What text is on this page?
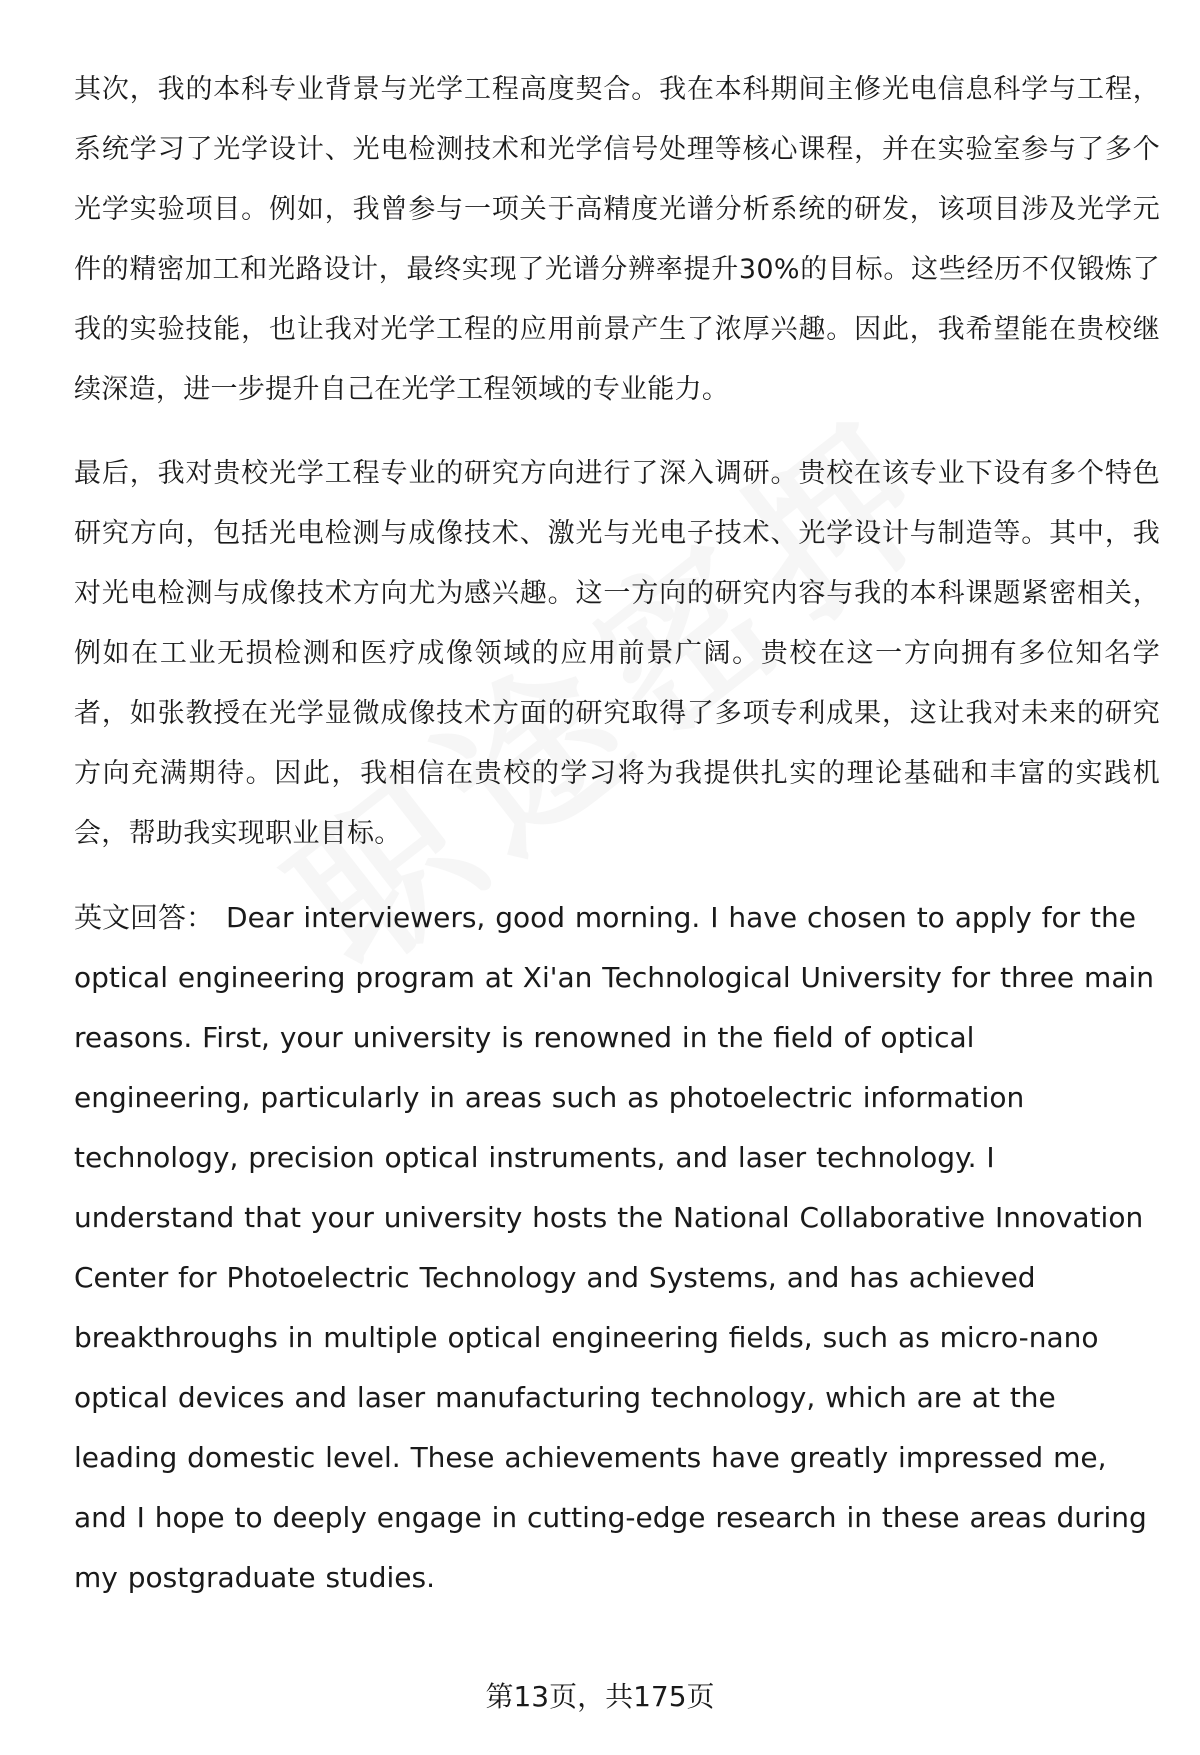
其次，我的本科专业背景与光学工程高度契合。我在本科期间主修光电信息科学与工程，系统学习了光学设计、光电检测技术和光学信号处理等核心课程，并在实验室参与了多个光学实验项目。例如，我曾参与一项关于高精度光谱分析系统的研发，该项目涉及光学元件的精密加工和光路设计，最终实现了光谱分辨率提升30%的目标。这些经历不仅锻炼了我的实验技能，也让我对光学工程的应用前景产生了浓厚兴趣。因此，我希望能在贵校继续深造，进一步提升自己在光学工程领域的专业能力。

最后，我对贵校光学工程专业的研究方向进行了深入调研。贵校在该专业下设有多个特色研究方向，包括光电检测与成像技术、激光与光电子技术、光学设计与制造等。其中，我对光电检测与成像技术方向尤为感兴趣。这一方向的研究内容与我的本科课题紧密相关，例如在工业无损检测和医疗成像领域的应用前景广阔。贵校在这一方向拥有多位知名学者，如张教授在光学显微成像技术方面的研究取得了多项专利成果，这让我对未来的研究方向充满期待。因此，我相信在贵校的学习将为我提供扎实的理论基础和丰富的实践机会，帮助我实现职业目标。

英文回答： Dear interviewers, good morning. I have chosen to apply for the optical engineering program at Xi'an Technological University for three main reasons. First, your university is renowned in the field of optical engineering, particularly in areas such as photoelectric information technology, precision optical instruments, and laser technology. I understand that your university hosts the National Collaborative Innovation Center for Photoelectric Technology and Systems, and has achieved breakthroughs in multiple optical engineering fields, such as micro-nano optical devices and laser manufacturing technology, which are at the leading domestic level. These achievements have greatly impressed me, and I hope to deeply engage in cutting-edge research in these areas during my postgraduate studies.

第13页，共175页
